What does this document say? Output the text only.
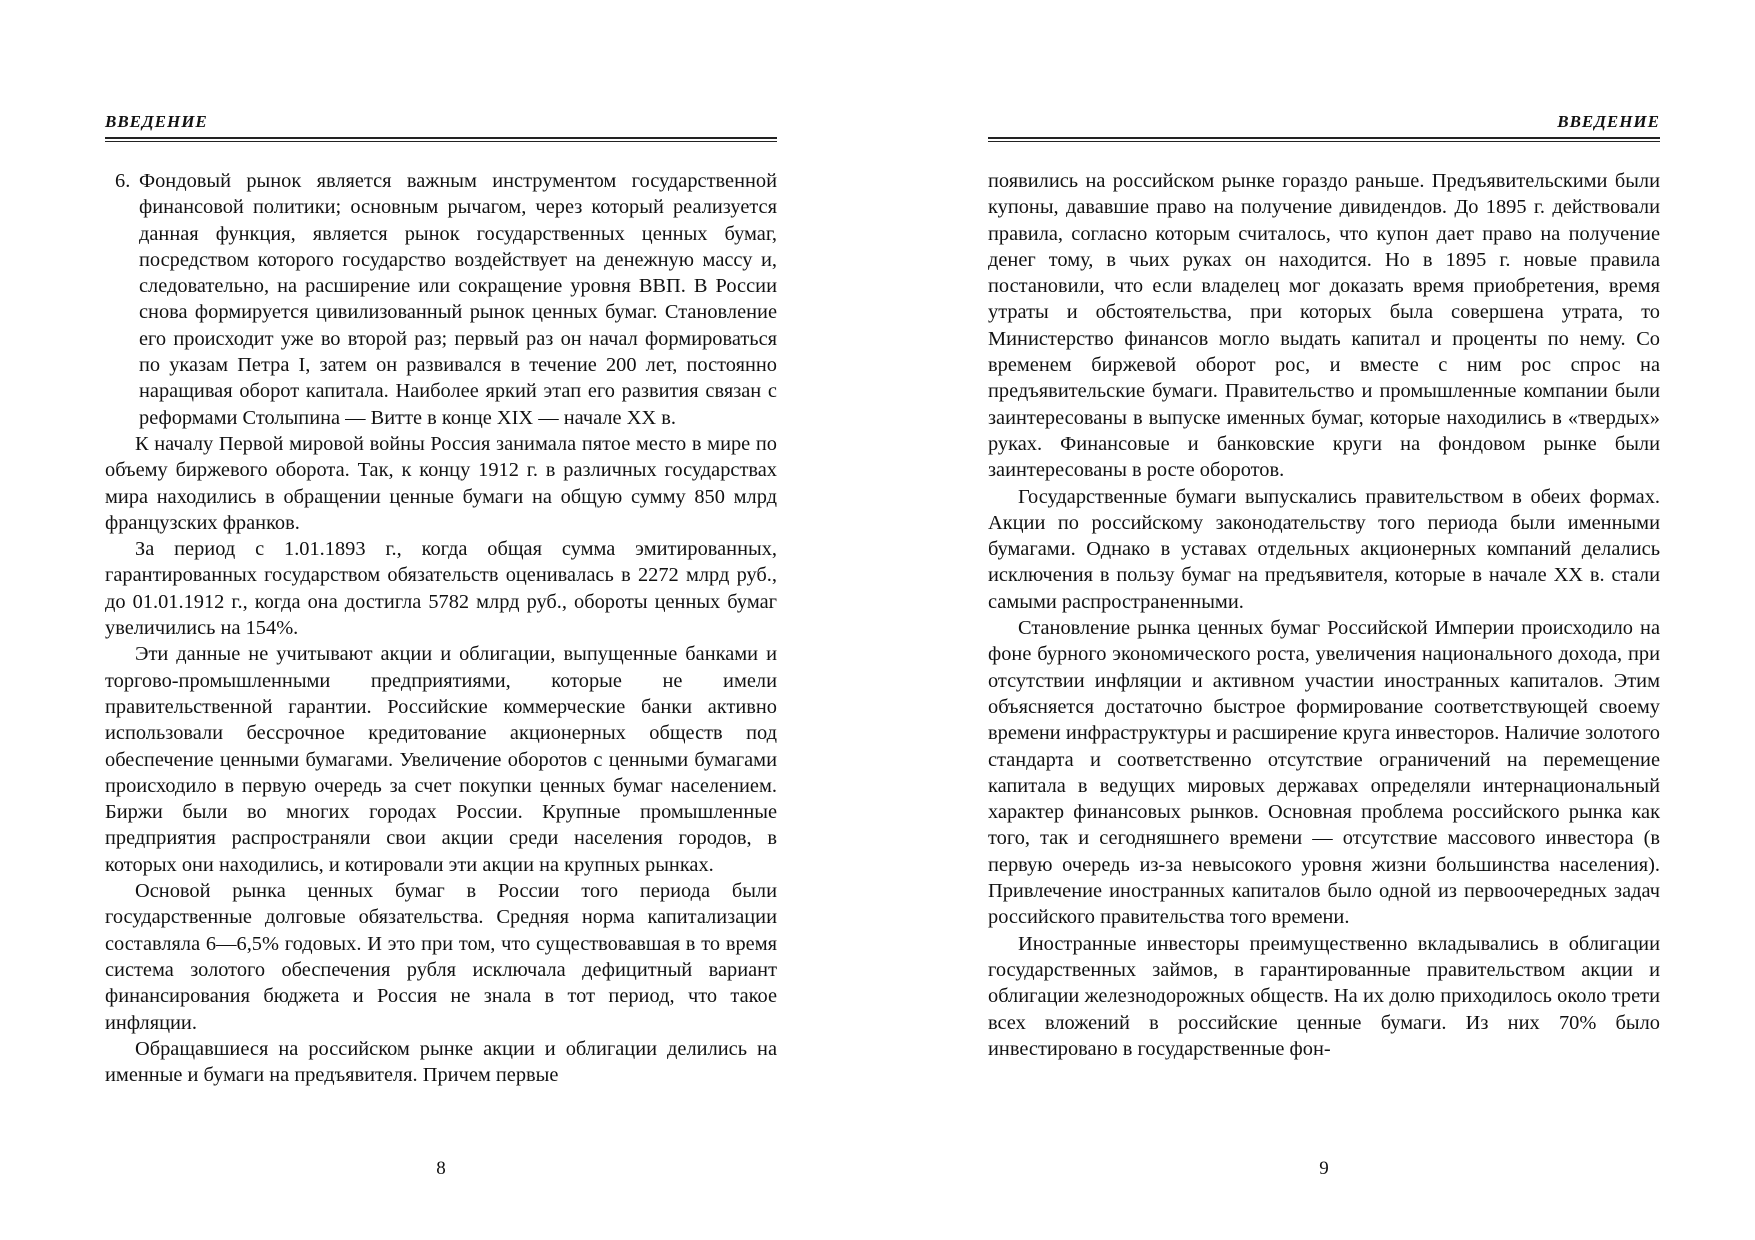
ВВЕДЕНИЕ

6. Фондовый рынок является важным инструментом государственной финансовой политики; основным рычагом, через который реализуется данная функция, является рынок государственных ценных бумаг, посредством которого государство воздействует на денежную массу и, следовательно, на расширение или сокращение уровня ВВП. В России снова формируется цивилизованный рынок ценных бумаг. Становление его происходит уже во второй раз; первый раз он начал формироваться по указам Петра I, затем он развивался в течение 200 лет, постоянно наращивая оборот капитала. Наиболее яркий этап его развития связан с реформами Столыпина — Витте в конце XIX — начале XX в.

К началу Первой мировой войны Россия занимала пятое место в мире по объему биржевого оборота. Так, к концу 1912 г. в различных государствах мира находились в обращении ценные бумаги на общую сумму 850 млрд французских франков.

За период с 1.01.1893 г., когда общая сумма эмитированных, гарантированных государством обязательств оценивалась в 2272 млрд руб., до 01.01.1912 г., когда она достигла 5782 млрд руб., обороты ценных бумаг увеличились на 154%.

Эти данные не учитывают акции и облигации, выпущенные банками и торгово-промышленными предприятиями, которые не имели правительственной гарантии. Российские коммерческие банки активно использовали бессрочное кредитование акционерных обществ под обеспечение ценными бумагами. Увеличение оборотов с ценными бумагами происходило в первую очередь за счет покупки ценных бумаг населением. Биржи были во многих городах России. Крупные промышленные предприятия распространяли свои акции среди населения городов, в которых они находились, и котировали эти акции на крупных рынках.

Основой рынка ценных бумаг в России того периода были государственные долговые обязательства. Средняя норма капитализации составляла 6—6,5% годовых. И это при том, что существовавшая в то время система золотого обеспечения рубля исключала дефицитный вариант финансирования бюджета и Россия не знала в тот период, что такое инфляции.

Обращавшиеся на российском рынке акции и облигации делились на именные и бумаги на предъявителя. Причем первые

8
ВВЕДЕНИЕ

появились на российском рынке гораздо раньше. Предъявительскими были купоны, дававшие право на получение дивидендов. До 1895 г. действовали правила, согласно которым считалось, что купон дает право на получение денег тому, в чьих руках он находится. Но в 1895 г. новые правила постановили, что если владелец мог доказать время приобретения, время утраты и обстоятельства, при которых была совершена утрата, то Министерство финансов могло выдать капитал и проценты по нему. Со временем биржевой оборот рос, и вместе с ним рос спрос на предъявительские бумаги. Правительство и промышленные компании были заинтересованы в выпуске именных бумаг, которые находились в «твердых» руках. Финансовые и банковские круги на фондовом рынке были заинтересованы в росте оборотов.

Государственные бумаги выпускались правительством в обеих формах. Акции по российскому законодательству того периода были именными бумагами. Однако в уставах отдельных акционерных компаний делались исключения в пользу бумаг на предъявителя, которые в начале XX в. стали самыми распространенными.

Становление рынка ценных бумаг Российской Империи происходило на фоне бурного экономического роста, увеличения национального дохода, при отсутствии инфляции и активном участии иностранных капиталов. Этим объясняется достаточно быстрое формирование соответствующей своему времени инфраструктуры и расширение круга инвесторов. Наличие золотого стандарта и соответственно отсутствие ограничений на перемещение капитала в ведущих мировых державах определяли интернациональный характер финансовых рынков. Основная проблема российского рынка как того, так и сегодняшнего времени — отсутствие массового инвестора (в первую очередь из-за невысокого уровня жизни большинства населения). Привлечение иностранных капиталов было одной из первоочередных задач российского правительства того времени.

Иностранные инвесторы преимущественно вкладывались в облигации государственных займов, в гарантированные правительством акции и облигации железнодорожных обществ. На их долю приходилось около трети всех вложений в российские ценные бумаги. Из них 70% было инвестировано в государственные фон-

9
